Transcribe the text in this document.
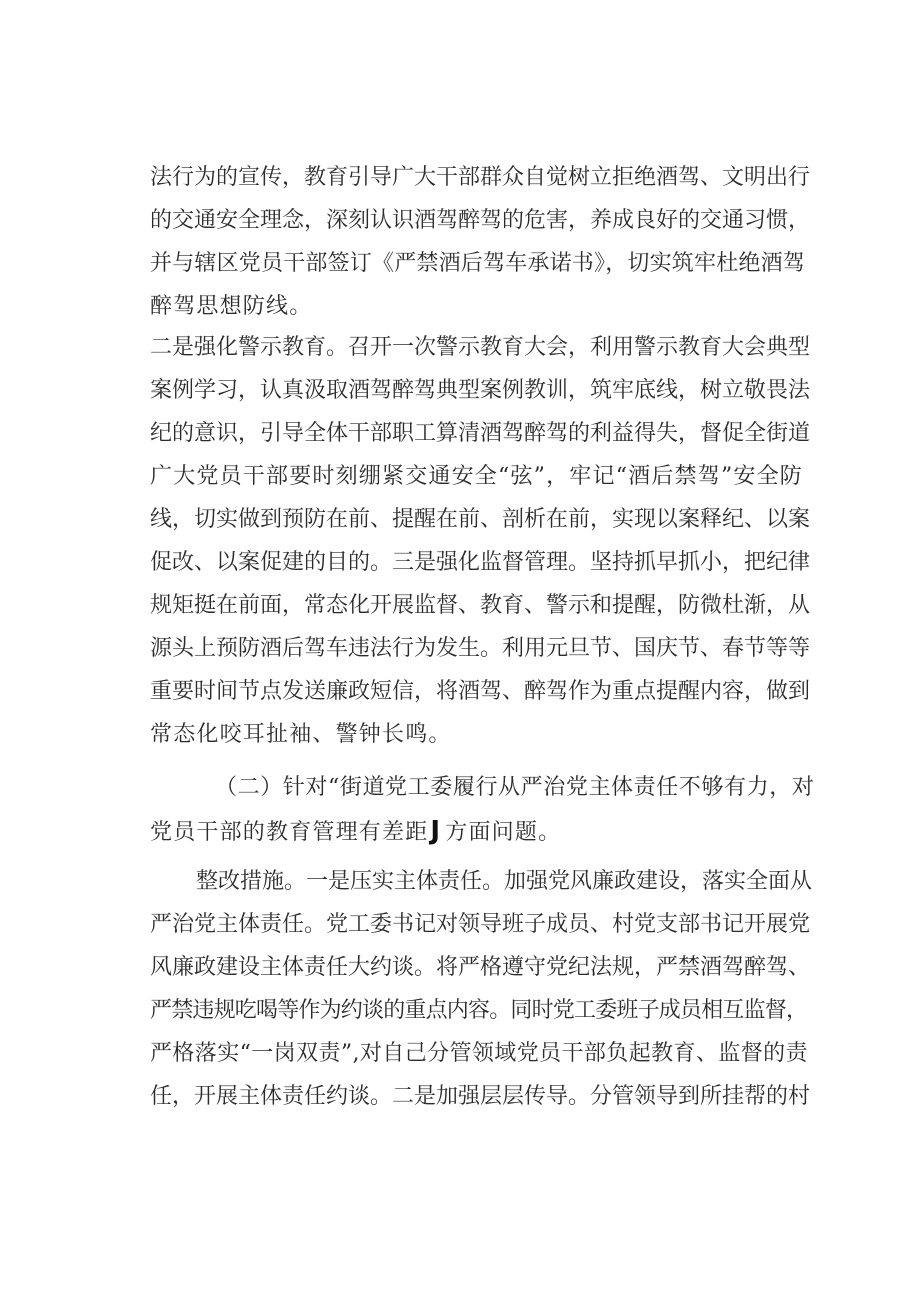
法行为的宣传，教育引导广大干部群众自觉树立拒绝酒驾、文明出行
的交通安全理念，深刻认识酒驾醉驾的危害，养成良好的交通习惯，
并与辖区党员干部签订《严禁酒后驾车承诺书》，切实筑牢杜绝酒驾
醉驾思想防线。
二是强化警示教育。召开一次警示教育大会，利用警示教育大会典型
案例学习，认真汲取酒驾醉驾典型案例教训，筑牢底线，树立敬畏法
纪的意识，引导全体干部职工算清酒驾醉驾的利益得失，督促全街道
广大党员干部要时刻绷紧交通安全“弦”，牢记“酒后禁驾”安全防
线，切实做到预防在前、提醒在前、剖析在前，实现以案释纪、以案
促改、以案促建的目的。三是强化监督管理。坚持抓早抓小，把纪律
规矩挺在前面，常态化开展监督、教育、警示和提醒，防微杜渐，从
源头上预防酒后驾车违法行为发生。利用元旦节、国庆节、春节等等
重要时间节点发送廉政短信，将酒驾、醉驾作为重点提醒内容，做到
常态化咬耳扯袖、警钟长鸣。
（二）针对“街道党工委履行从严治党主体责任不够有力，对
党员干部的教育管理有差距J 方面问题。
整改措施。一是压实主体责任。加强党风廉政建设，落实全面从
严治党主体责任。党工委书记对领导班子成员、村党支部书记开展党
风廉政建设主体责任大约谈。将严格遵守党纪法规，严禁酒驾醉驾、
严禁违规吃喝等作为约谈的重点内容。同时党工委班子成员相互监督，
严格落实“一岗双责”,对自己分管领域党员干部负起教育、监督的责
任，开展主体责任约谈。二是加强层层传导。分管领导到所挂帮的村
